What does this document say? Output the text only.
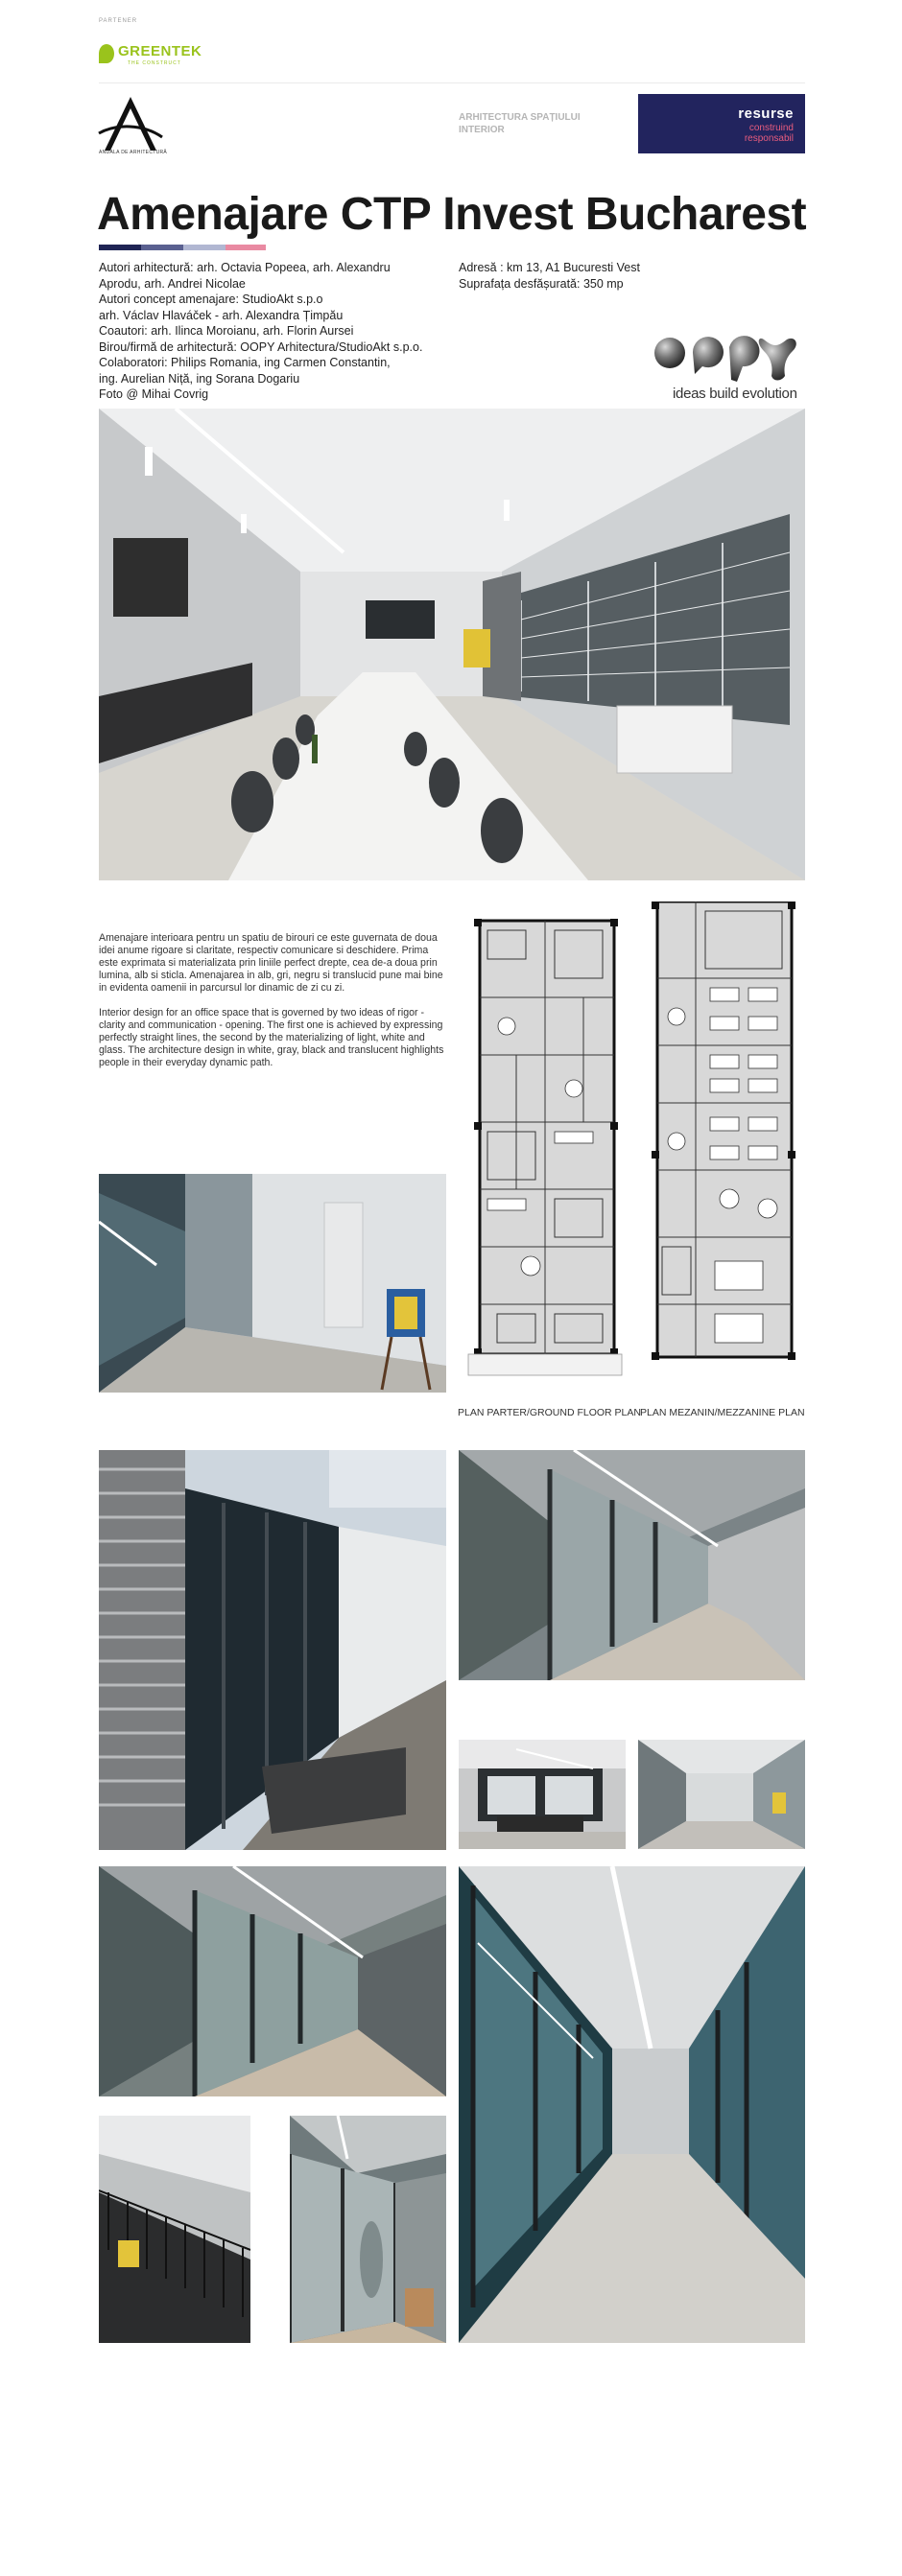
PARTENER
GREENTEK
THE CONSTRUCT
ANUALA DE ARHITECTURĂ
ARHITECTURA SPAȚIULUI INTERIOR
resurse
construind
responsabil
Amenajare CTP Invest Bucharest
Autori arhitectură: arh. Octavia Popeea, arh. Alexandru
Aprodu, arh. Andrei Nicolae
Autori concept amenajare: StudioAkt s.p.o
arh. Václav Hlaváček - arh. Alexandra Țimpău
Coautori: arh. Ilinca Moroianu, arh. Florin Aursei
Birou/firmă de arhitectură: OOPY Arhitectura/StudioAkt s.p.o.
Colaboratori: Philips Romania, ing Carmen Constantin,
ing. Aurelian Niță, ing Sorana Dogariu
Foto @ Mihai Covrig
Adresă : km 13, A1 Bucuresti Vest
Suprafața desfășurată: 350 mp
ideas build evolution

Amenajare interioara pentru un spatiu de birouri ce este guvernata de doua idei anume rigoare si claritate, respectiv comunicare si deschidere. Prima este exprimata si materializata prin liniile perfect drepte, cea de-a doua prin lumina, alb si sticla. Amenajarea in alb, gri, negru si translucid pune mai bine in evidenta oamenii in parcursul lor dinamic de zi cu zi.

Interior design for an office space that is governed by two ideas of rigor - clarity and communication - opening. The first one is achieved by expressing perfectly straight lines, the second by the materializing of light, white and glass. The architecture design in white, gray, black and translucent highlights people in their everyday dynamic path.

PLAN PARTER/GROUND FLOOR PLAN PLAN MEZANIN/MEZZANINE PLAN
